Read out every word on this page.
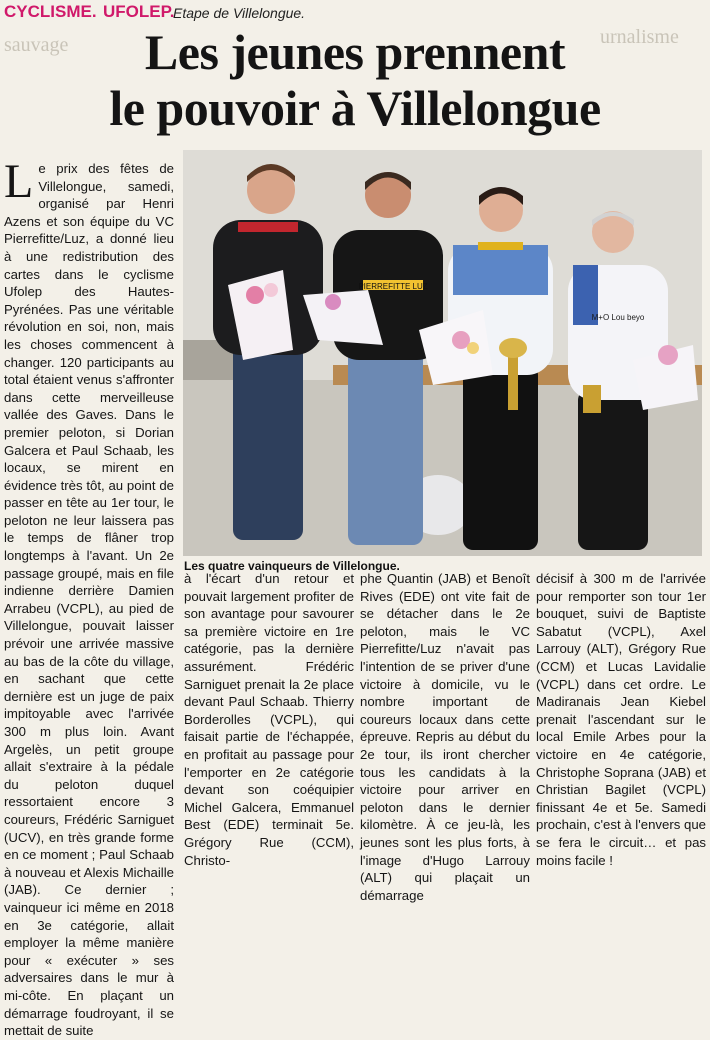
CYCLISME. UFOLEP.
Etape de Villelongue.
sauvage	urnalisme
Les jeunes prennent
le pouvoir à Villelongue

Le prix des fêtes de Villelongue, samedi, organisé par Henri Azens et son équipe du VC Pierrefitte/Luz, a donné lieu à une redistribution des cartes dans le cyclisme Ufolep des Hautes-Pyrénées. Pas une véritable révolution en soi, non, mais les choses commencent à changer. 120 participants au total étaient venus s'affronter dans cette merveilleuse vallée des Gaves. Dans le premier peloton, si Dorian Galcera et Paul Schaab, les locaux, se mirent en évidence très tôt, au point de passer en tête au 1er tour, le peloton ne leur laissera pas le temps de flâner trop longtemps à l'avant. Un 2e passage groupé, mais en file indienne derrière Damien Arrabeu (VCPL), au pied de Villelongue, pouvait laisser prévoir une arrivée massive au bas de la côte du village, en sachant que cette dernière est un juge de paix impitoyable avec l'arrivée 300 m plus loin. Avant Argelès, un petit groupe allait s'extraire à la pédale du peloton duquel ressortaient encore 3 coureurs, Frédéric Sarniguet (UCV), en très grande forme en ce moment ; Paul Schaab à nouveau et Alexis Michaille (JAB). Ce dernier ; vainqueur ici même en 2018 en 3e catégorie, allait employer la même manière pour « exécuter » ses adversaires dans le mur à mi-côte. En plaçant un démarrage foudroyant, il se mettait de suite

PIERREFITTE LUZ
M+O Lou beyo
Les quatre vainqueurs de Villelongue.

à l'écart d'un retour et pouvait largement profiter de son avantage pour savourer sa première victoire en 1re catégorie, pas la dernière assurément. Frédéric Sarniguet prenait la 2e place devant Paul Schaab. Thierry Borderolles (VCPL), qui faisait partie de l'échappée, en profitait au passage pour l'emporter en 2e catégorie devant son coéquipier Michel Galcera, Emmanuel Best (EDE) terminait 5e. Grégory Rue (CCM), Christo-

phe Quantin (JAB) et Benoît Rives (EDE) ont vite fait de se détacher dans le 2e peloton, mais le VC Pierrefitte/Luz n'avait pas l'intention de se priver d'une victoire à domicile, vu le nombre important de coureurs locaux dans cette épreuve. Repris au début du 2e tour, ils iront chercher tous les candidats à la victoire pour arriver en peloton dans le dernier kilomètre. À ce jeu-là, les jeunes sont les plus forts, à l'image d'Hugo Larrouy (ALT) qui plaçait un démarrage

décisif à 300 m de l'arrivée pour remporter son tour 1er bouquet, suivi de Baptiste Sabatut (VCPL), Axel Larrouy (ALT), Grégory Rue (CCM) et Lucas Lavidalie (VCPL) dans cet ordre. Le Madiranais Jean Kiebel prenait l'ascendant sur le local Emile Arbes pour la victoire en 4e catégorie, Christophe Soprana (JAB) et Christian Bagilet (VCPL) finissant 4e et 5e. Samedi prochain, c'est à l'envers que se fera le circuit… et pas moins facile !
